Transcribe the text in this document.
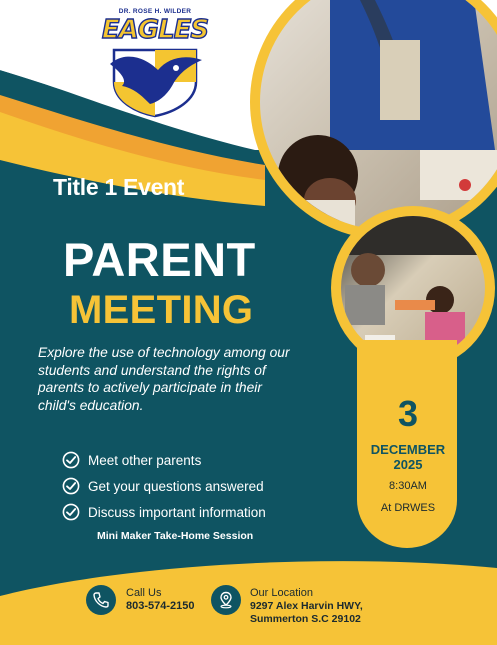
DR. ROSE H. WILDER
EAGLES
Title 1 Event
PARENT
MEETING
Explore the use of technology among our students and understand the rights of parents to actively participate in their child's education.
Meet other parents
Get your questions answered
Discuss important information
Mini Maker Take-Home Session
3
DECEMBER
2025
8:30AM
At DRWES
Call Us
803-574-2150
Our Location
9297 Alex Harvin HWY,
Summerton S.C 29102
